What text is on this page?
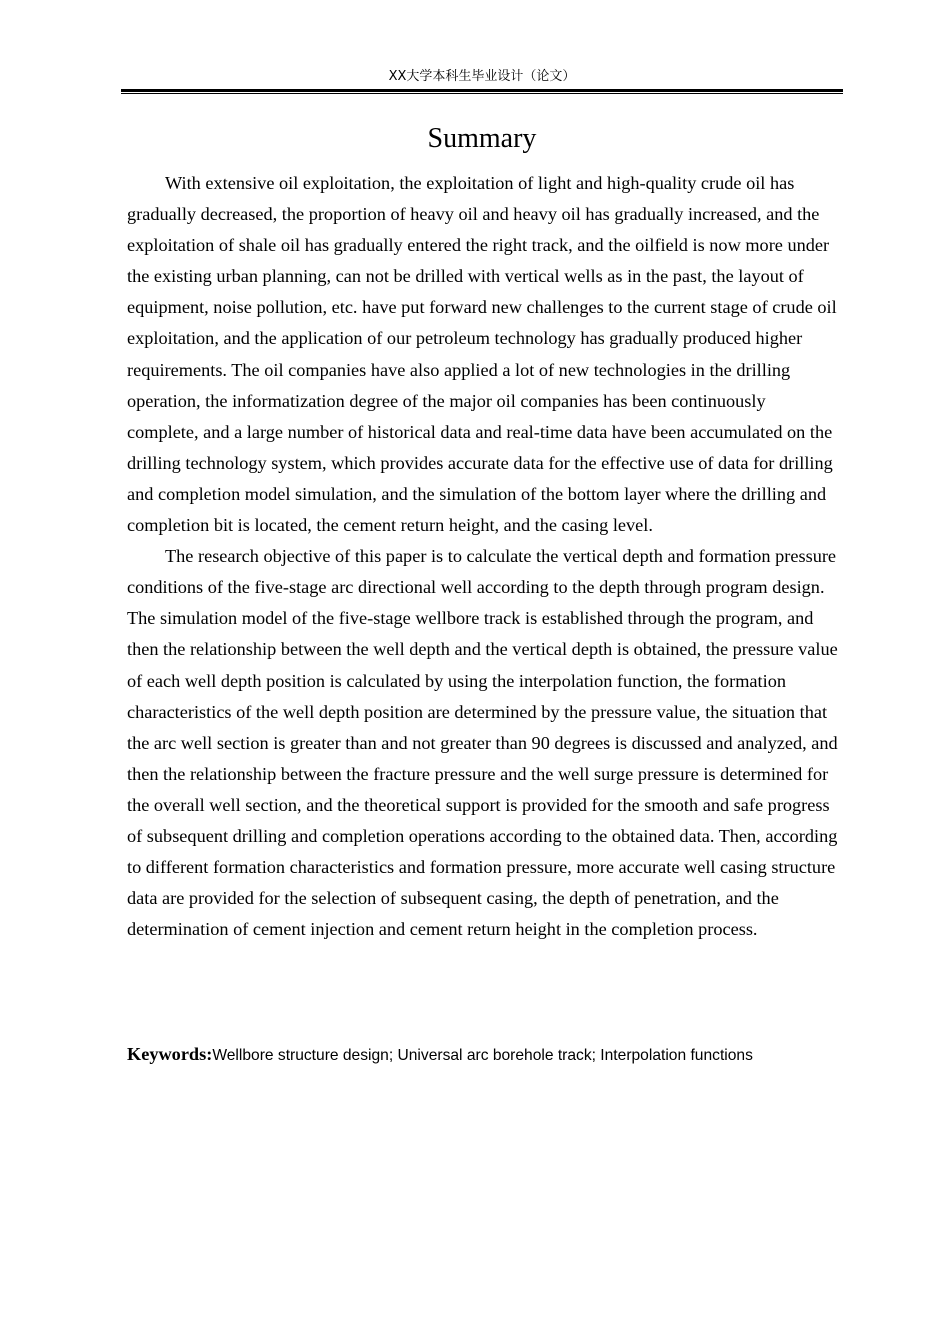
XX大学本科生毕业设计（论文）
Summary

With extensive oil exploitation, the exploitation of light and high-quality crude oil has gradually decreased, the proportion of heavy oil and heavy oil has gradually increased, and the exploitation of shale oil has gradually entered the right track, and the oilfield is now more under the existing urban planning, can not be drilled with vertical wells as in the past, the layout of equipment, noise pollution, etc. have put forward new challenges to the current stage of crude oil exploitation, and the application of our petroleum technology has gradually produced higher requirements. The oil companies have also applied a lot of new technologies in the drilling operation, the informatization degree of the major oil companies has been continuously complete, and a large number of historical data and real-time data have been accumulated on the drilling technology system, which provides accurate data for the effective use of data for drilling and completion model simulation, and the simulation of the bottom layer where the drilling and completion bit is located, the cement return height, and the casing level.

The research objective of this paper is to calculate the vertical depth and formation pressure conditions of the five-stage arc directional well according to the depth through program design. The simulation model of the five-stage wellbore track is established through the program, and then the relationship between the well depth and the vertical depth is obtained, the pressure value of each well depth position is calculated by using the interpolation function, the formation characteristics of the well depth position are determined by the pressure value, the situation that the arc well section is greater than and not greater than 90 degrees is discussed and analyzed, and then the relationship between the fracture pressure and the well surge pressure is determined for the overall well section, and the theoretical support is provided for the smooth and safe progress of subsequent drilling and completion operations according to the obtained data. Then, according to different formation characteristics and formation pressure, more accurate well casing structure data are provided for the selection of subsequent casing, the depth of penetration, and the determination of cement injection and cement return height in the completion process.

Keywords:Wellbore structure design; Universal arc borehole track; Interpolation functions
